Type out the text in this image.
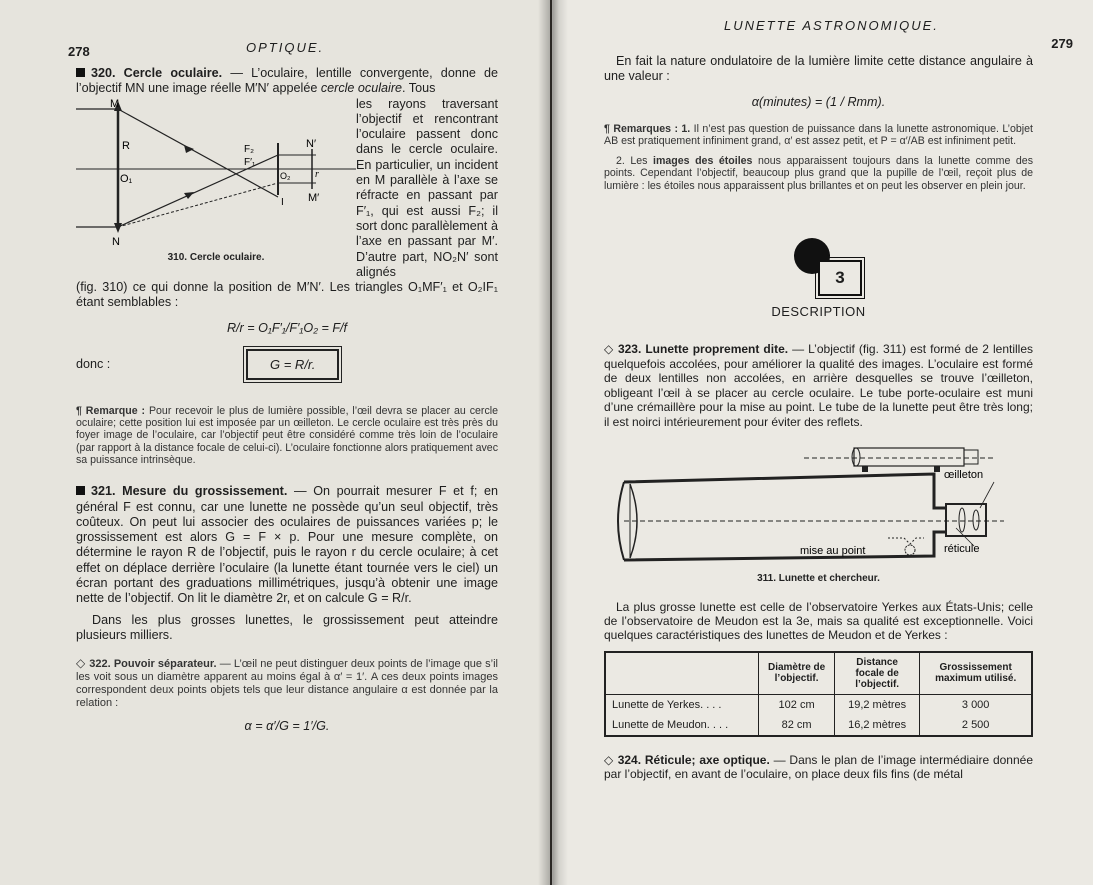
278	OPTIQUE.

320. Cercle oculaire. — L’oculaire, lentille convergente, donne de l’objectif MN une image réelle M′N′ appelée cercle oculaire. Tous

M
R
O₁
N
F₂
F′₁
N′
O₂ r
M′
I
310. Cercle oculaire.

les rayons traversant l’objectif et rencontrant l’oculaire passent donc dans le cercle oculaire. En particulier, un incident en M parallèle à l’axe se réfracte en passant par F′₁, qui est aussi F₂; il sort donc parallèlement à l’axe en passant par M′. D’autre part, NO₂N′ sont alignés

(fig. 310) ce qui donne la position de M′N′. Les triangles O₁MF′₁ et O₂IF₁ étant semblables :

R/r = O₁F′₁/F′₁O₂ = F/f
donc :	G = R/r.

¶ Remarque : Pour recevoir le plus de lumière possible, l’œil devra se placer au cercle oculaire; cette position lui est imposée par un œilleton. Le cercle oculaire est très près du foyer image de l’oculaire, car l’objectif peut être considéré comme très loin de l’oculaire (par rapport à la distance focale de celui-ci). L’oculaire fonctionne alors pratiquement avec sa puissance intrinsèque.

321. Mesure du grossissement. — On pourrait mesurer F et f; en général F est connu, car une lunette ne possède qu’un seul objectif, très coûteux. On peut lui associer des oculaires de puissances variées p; le grossissement est alors G = F × p. Pour une mesure complète, on détermine le rayon R de l’objectif, puis le rayon r du cercle oculaire; à cet effet on déplace derrière l’oculaire (la lunette étant tournée vers le ciel) un écran portant des graduations millimétriques, jusqu’à obtenir une image nette de l’objectif. On lit le diamètre 2r, et on calcule G = R/r.

Dans les plus grosses lunettes, le grossissement peut atteindre plusieurs milliers.

◇ 322. Pouvoir séparateur. — L’œil ne peut distinguer deux points de l’image que s’il les voit sous un diamètre apparent au moins égal à α′ = 1′. A ces deux points images correspondent deux points objets tels que leur distance angulaire α est donnée par la relation :

α = α′/G = 1′/G.
LUNETTE ASTRONOMIQUE.
279

En fait la nature ondulatoire de la lumière limite cette distance angulaire à une valeur :

α(minutes) = (1 / Rmm).

¶ Remarques : 1. Il n’est pas question de puissance dans la lunette astronomique. L’objet AB est pratiquement infiniment grand, α′ est assez petit, et P = α′/AB est infiniment petit.

2. Les images des étoiles nous apparaissent toujours dans la lunette comme des points. Cependant l’objectif, beaucoup plus grand que la pupille de l’œil, reçoit plus de lumière : les étoiles nous apparaissent plus brillantes et on peut les observer en plein jour.

3
DESCRIPTION

◇ 323. Lunette proprement dite. — L’objectif (fig. 311) est formé de 2 lentilles quelquefois accolées, pour améliorer la qualité des images. L’oculaire est formé de deux lentilles non accolées, en arrière desquelles se trouve l’œilleton, obligeant l’œil à se placer au cercle oculaire. Le tube porte-oculaire est muni d’une crémaillère pour la mise au point. Le tube de la lunette peut être très long; il est noirci intérieurement pour éviter des reflets.

œilleton
mise au point	réticule
311. Lunette et chercheur.

La plus grosse lunette est celle de l’observatoire Yerkes aux États-Unis; celle de l’observatoire de Meudon est la 3e, mais sa qualité est exceptionnelle. Voici quelques caractéristiques des lunettes de Meudon et de Yerkes :

	Diamètre de l’objectif.	Distance focale de l’objectif.	Grossissement maximum utilisé.
Lunette de Yerkes. . . .	102 cm	19,2 mètres	3 000
Lunette de Meudon. . . .	82 cm	16,2 mètres	2 500

◇ 324. Réticule; axe optique. — Dans le plan de l’image intermédiaire donnée par l’objectif, en avant de l’oculaire, on place deux fils fins (de métal
